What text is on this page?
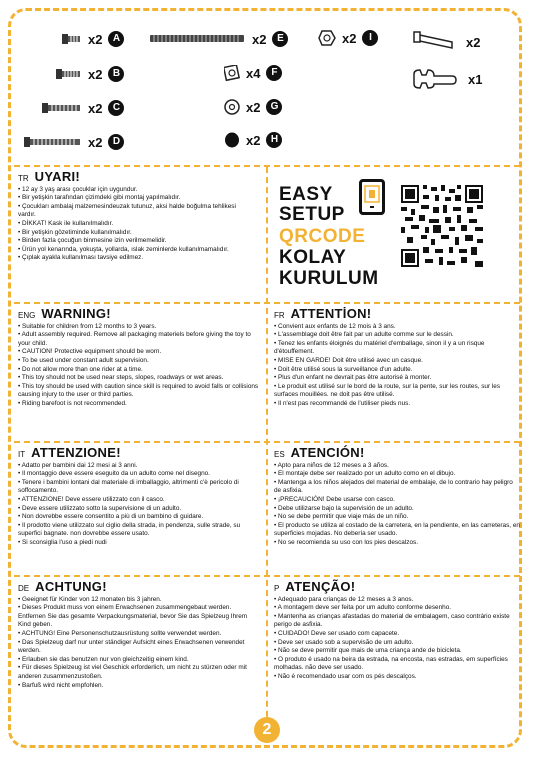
x2	A
x2	B
x2	C
x2	D
x2	E
x4	F
x2	G
x2	H
x2	I	x2
x1
TR UYARI!
• 12 ay 3 yaş arası çocuklar için uygundur.
• Bir yetişkin tarafından çizimdeki gibi montaj yapılmalıdır.
• Çocukları ambalaj malzemesindeuzak tutunuz, aksi halde boğulma tehlikesi vardır.
• DİKKAT! Kask ile kullanılmalıdır.
• Bir yetişkin gözetiminde kullanılmalıdır.
• Birden fazla çocuğun binmesine izin verilmemelidir.
• Ürün yol kenarında, yokuşta, yollarda, ıslak zeminlerde kullanılmamalıdır.
• Çıplak ayakla kullanılması tavsiye edilmez.
EASY
SETUP
QRCODE
KOLAY
KURULUM
ENG WARNING!
• Suitable for children from 12 months to 3 years.
• Adult assembly required. Remove all packaging materiels before giving the toy to your child.
• CAUTION! Protective equipment should be worn.
• To be used under constant adult supervision.
• Do not allow more than one rider at a time.
• This toy should not be used near steps, slopes, roadways or wet areas.
• This toy should be used with caution since skill is required to avoid falls or collisions causing injury to the user or third parties.
• Riding barefoot is not recommended.
FR ATTENTİON!
• Convient aux enfants de 12 mois à 3 ans.
• L'assemblage doit être fait par un adulte comme sur le dessin.
• Tenez les enfants éloignés du matériel d'emballage, sinon il y a un risque d'étouffement.
• MISE EN GARDE! Doit être utilisé avec un casque.
• Doit être utilisé sous la surveillance d'un adulte.
• Plus d'un enfant ne devrait pas être autorisé à monter.
• Le produit est utilisé sur le bord de la route, sur la pente, sur les routes, sur les surfaces mouillées. ne doit pas être utilisé.
• Il n'est pas recommandé de l'utiliser pieds nus.
IT ATTENZIONE!
• Adatto per bambini dai 12 mesi ai 3 anni.
• Il montaggio deve essere eseguito da un adulto come nel disegno.
• Tenere i bambini lontani dal materiale di imballaggio, altrimenti c'è pericolo di soffocamento.
• ATTENZIONE! Deve essere utilizzato con il casco.
• Deve essere utilizzato sotto la supervisione di un adulto.
• Non dovrebbe essere consentito a più di un bambino di guidare.
• Il prodotto viene utilizzato sul ciglio della strada, in pendenza, sulle strade, su superfici bagnate. non dovrebbe essere usato.
• Si sconsiglia l'uso a piedi nudi
ES ATENCIÓN!
• Apto para niños de 12 meses a 3 años.
• El montaje debe ser realizado por un adulto como en el dibujo.
• Mantenga a los niños alejados del material de embalaje, de lo contrario hay peligro de asfixia.
• ¡PRECAUCIÓN! Debe usarse con casco.
• Debe utilizarse bajo la supervisión de un adulto.
• No se debe permitir que viaje más de un niño.
• El producto se utiliza al costado de la carretera, en la pendiente, en las carreteras, en superficies mojadas. No debería ser usado.
• No se recomienda su uso con los pies descalzos.
DE ACHTUNG!
• Geeignet für Kinder von 12 monaten bis 3 jahren.
• Dieses Produkt muss von einem Erwachsenen zusammengebaut werden. Entfernen Sie das gesamte Verpackungsmaterial, bevor Sie das Spielzeug Ihrem Kind geben.
• ACHTUNG! Eine Personenschutzausrüstung sollte verwendet werden.
• Das Spielzeug darf nur unter ständiger Aufsicht eines Erwachsenen verwendet werden.
• Erlauben sie das benutzen nur von gleichzeitig einem kind.
• Für dieses Spielzeug ist viel Geschick erforderlich, um nicht zu stürzen oder mit anderen zusammenzustoßen.
• Barfuß wird nicht empfohlen.
P ATENÇÃO!
• Adequado para crianças de 12 meses a 3 anos.
• A montagem deve ser feita por um adulto conforme desenho.
• Mantenha as crianças afastadas do material de embalagem, caso contrário existe perigo de asfixia.
• CUIDADO! Deve ser usado com capacete.
• Deve ser usado sob a supervisão de um adulto.
• Não se deve permitir que mais de uma criança ande de bicicleta.
• O produto é usado na beira da estrada, na encosta, nas estradas, em superfícies molhadas. não deve ser usado.
• Não é recomendado usar com os pés descalços.
2
